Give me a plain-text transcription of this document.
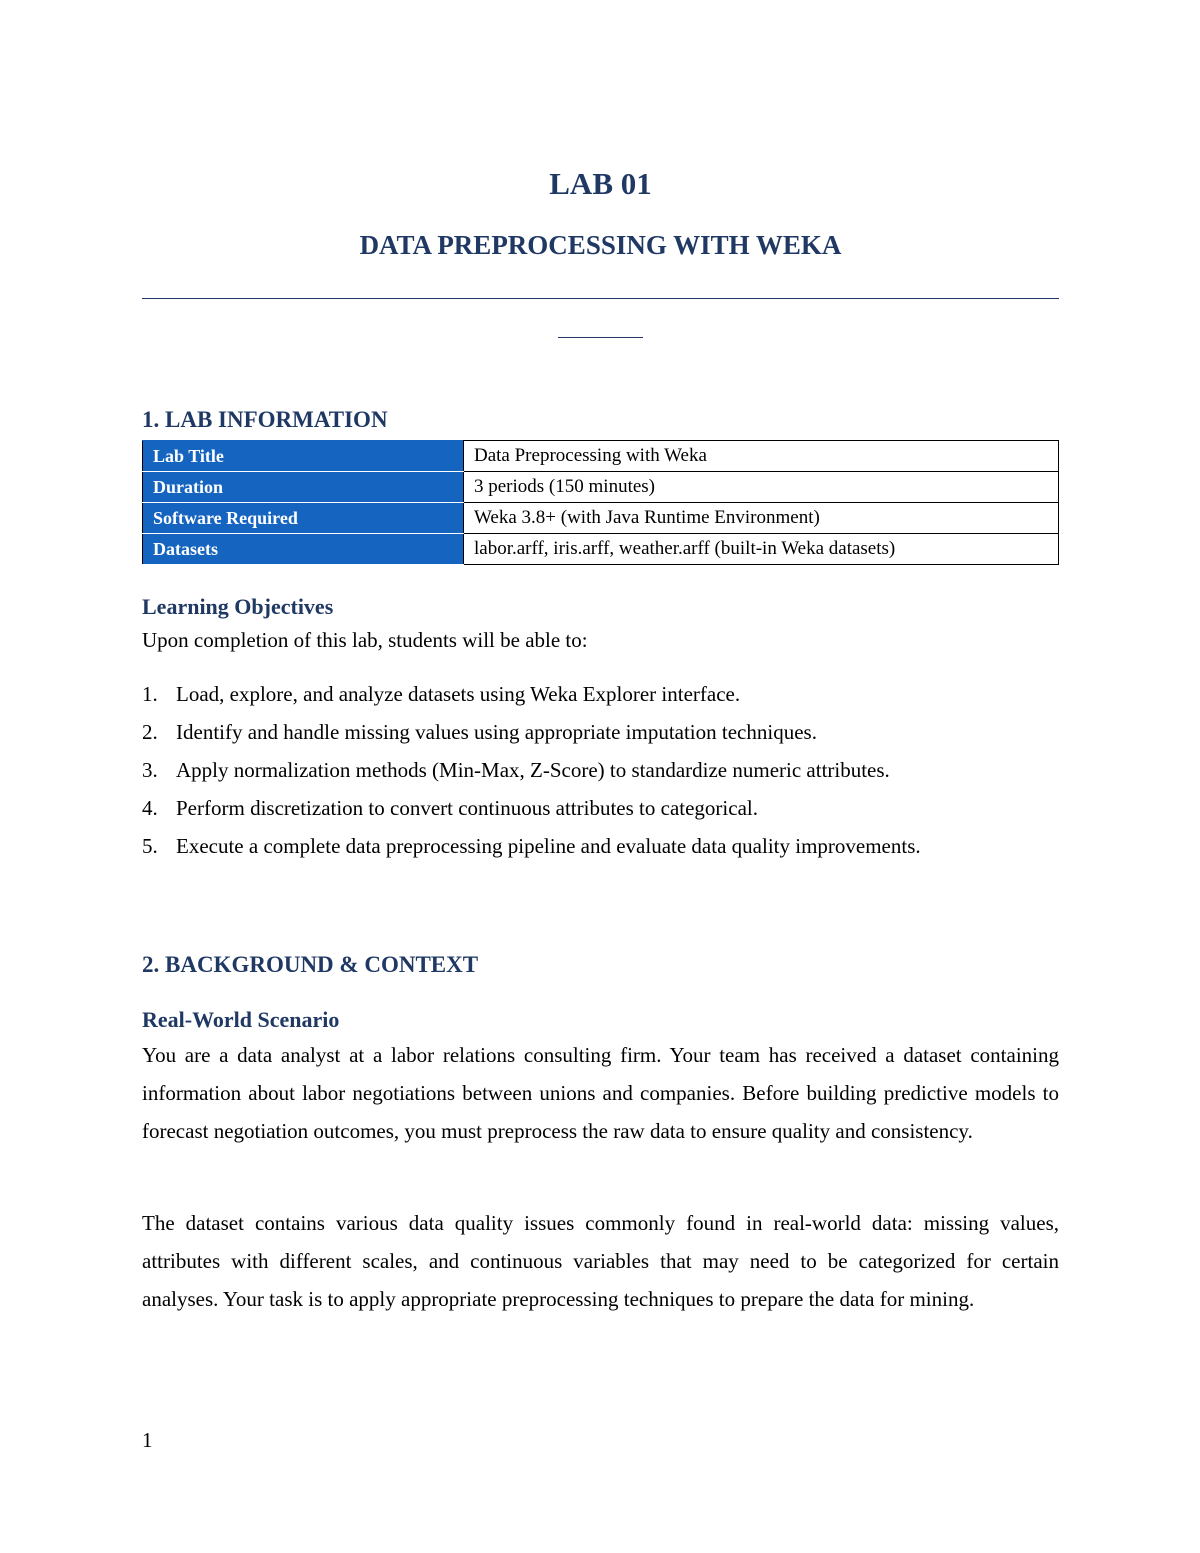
LAB 01
DATA PREPROCESSING WITH WEKA
1. LAB INFORMATION
Lab Title	Data Preprocessing with Weka
Duration	3 periods (150 minutes)
Software Required	Weka 3.8+ (with Java Runtime Environment)
Datasets	labor.arff, iris.arff, weather.arff (built-in Weka datasets)
Learning Objectives

Upon completion of this lab, students will be able to:

1. Load, explore, and analyze datasets using Weka Explorer interface.
2. Identify and handle missing values using appropriate imputation techniques.
3. Apply normalization methods (Min-Max, Z-Score) to standardize numeric attributes.
4. Perform discretization to convert continuous attributes to categorical.
5. Execute a complete data preprocessing pipeline and evaluate data quality improvements.
2. BACKGROUND & CONTEXT
Real-World Scenario

You are a data analyst at a labor relations consulting firm. Your team has received a dataset containing information about labor negotiations between unions and companies. Before building predictive models to forecast negotiation outcomes, you must preprocess the raw data to ensure quality and consistency.

The dataset contains various data quality issues commonly found in real-world data: missing values, attributes with different scales, and continuous variables that may need to be categorized for certain analyses. Your task is to apply appropriate preprocessing techniques to prepare the data for mining.

1
